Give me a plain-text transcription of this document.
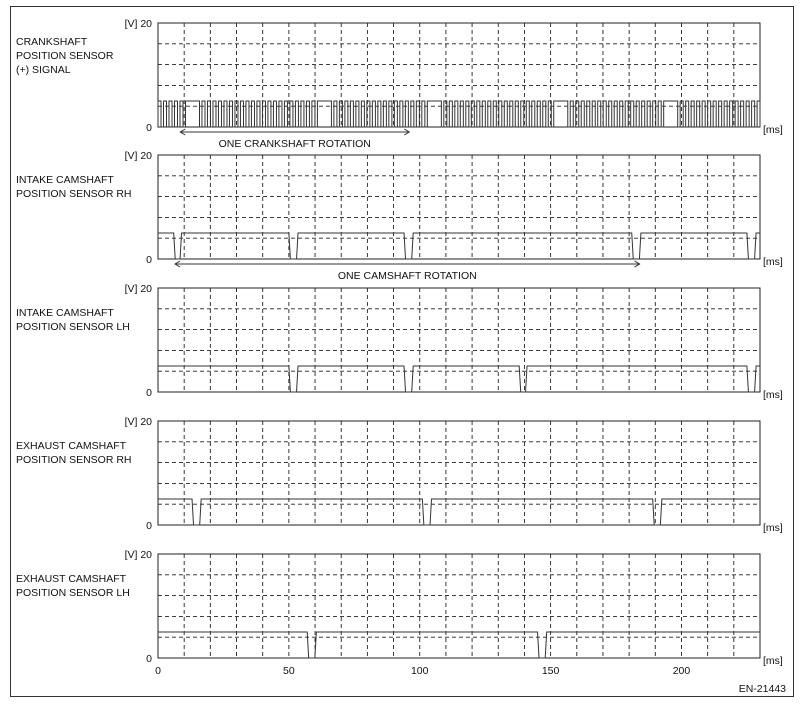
[V] 20
0	[ms]
CRANKSHAFT
POSITION SENSOR
(+) SIGNAL
ONE CRANKSHAFT ROTATION
[V] 20
0	[ms]
INTAKE CAMSHAFT
POSITION SENSOR RH
ONE CAMSHAFT ROTATION
[V] 20
0	[ms]
INTAKE CAMSHAFT
POSITION SENSOR LH
[V] 20
0	[ms]
EXHAUST CAMSHAFT
POSITION SENSOR RH
[V] 20
0	[ms]
EXHAUST CAMSHAFT
POSITION SENSOR LH
0	50	100	150	200
EN-21443
